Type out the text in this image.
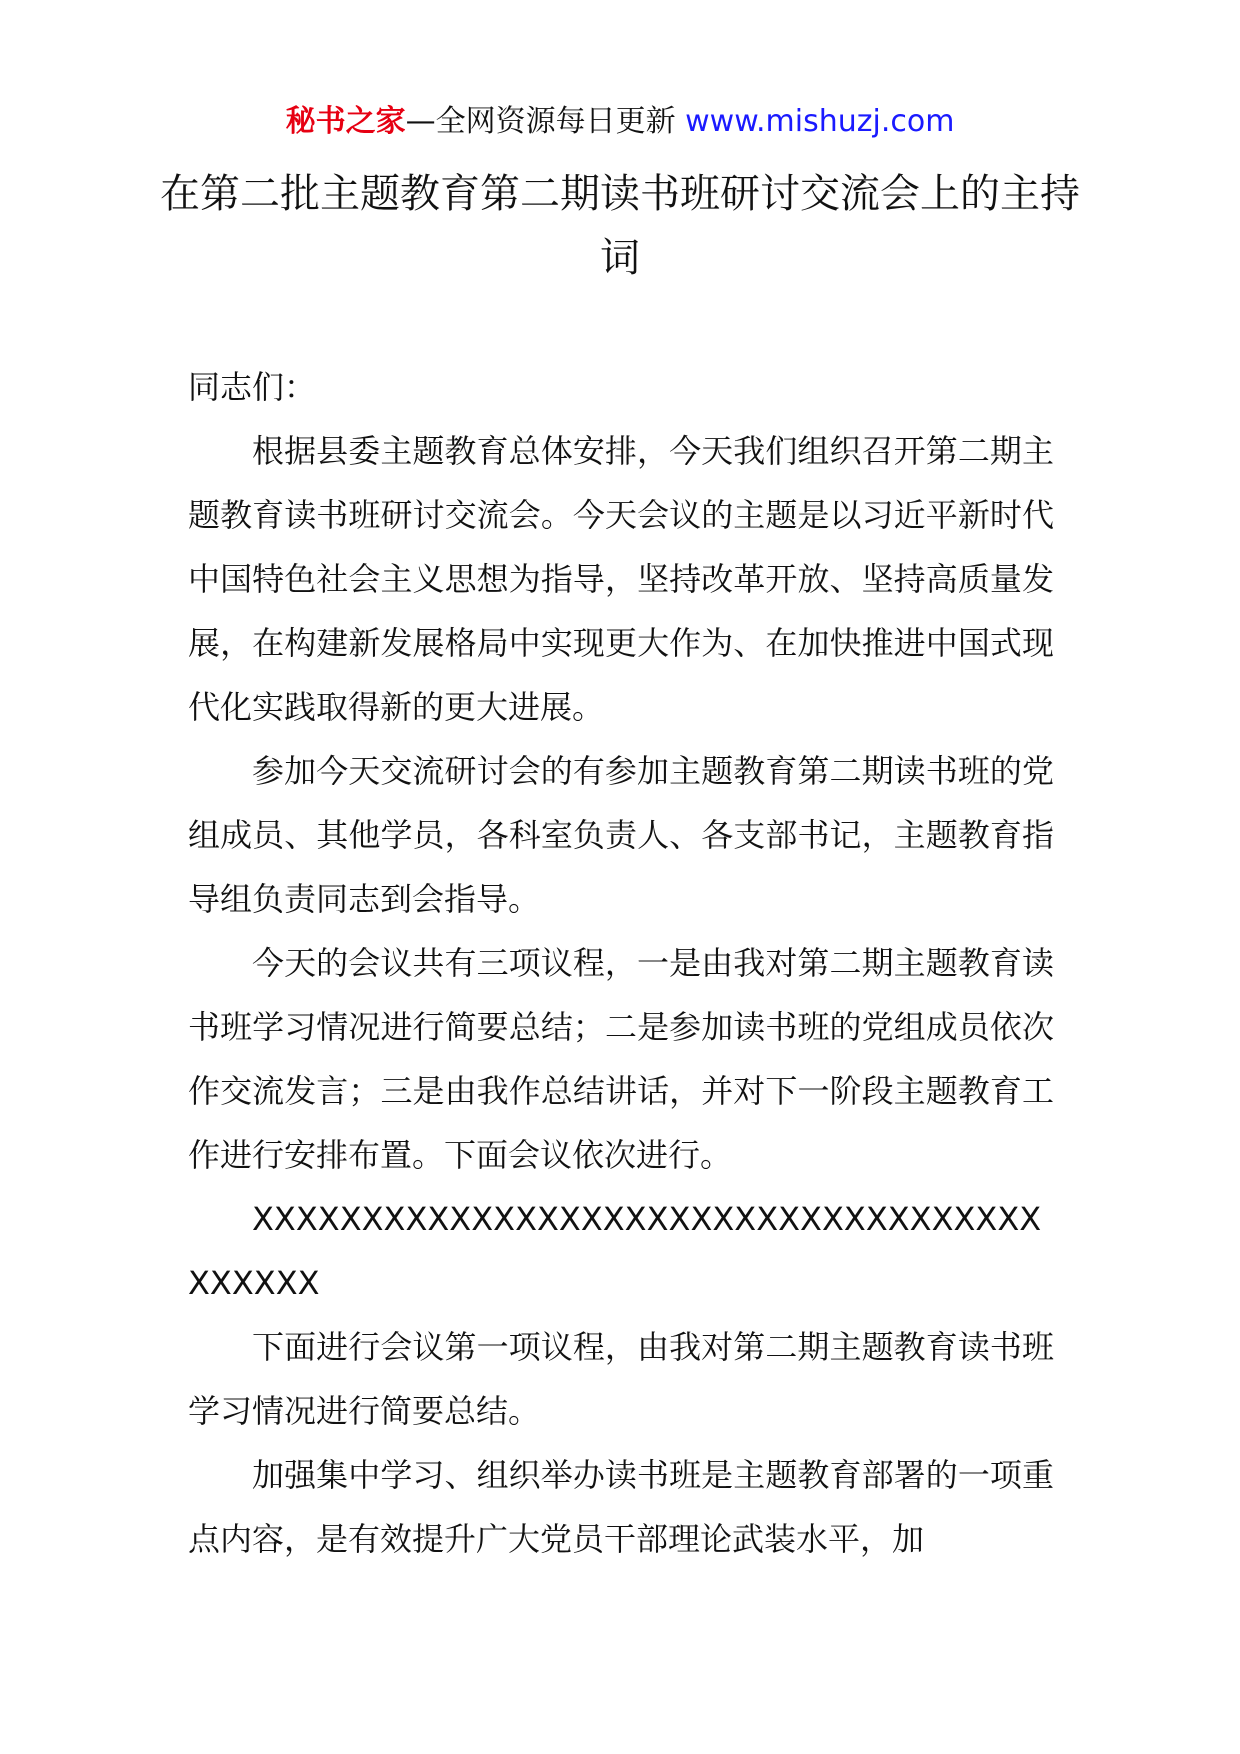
秘书之家—全网资源每日更新 www.mishuzj.com
在第二批主题教育第二期读书班研讨交流会上的主持词

同志们：

根据县委主题教育总体安排，今天我们组织召开第二期主题教育读书班研讨交流会。今天会议的主题是以习近平新时代中国特色社会主义思想为指导，坚持改革开放、坚持高质量发展，在构建新发展格局中实现更大作为、在加快推进中国式现代化实践取得新的更大进展。

参加今天交流研讨会的有参加主题教育第二期读书班的党组成员、其他学员，各科室负责人、各支部书记，主题教育指导组负责同志到会指导。

今天的会议共有三项议程，一是由我对第二期主题教育读书班学习情况进行简要总结；二是参加读书班的党组成员依次作交流发言；三是由我作总结讲话，并对下一阶段主题教育工作进行安排布置。下面会议依次进行。

XXXXXXXXXXXXXXXXXXXXXXXXXXXXXXXXXXXXXXXXXX

下面进行会议第一项议程，由我对第二期主题教育读书班学习情况进行简要总结。

加强集中学习、组织举办读书班是主题教育部署的一项重点内容，是有效提升广大党员干部理论武装水平，加
